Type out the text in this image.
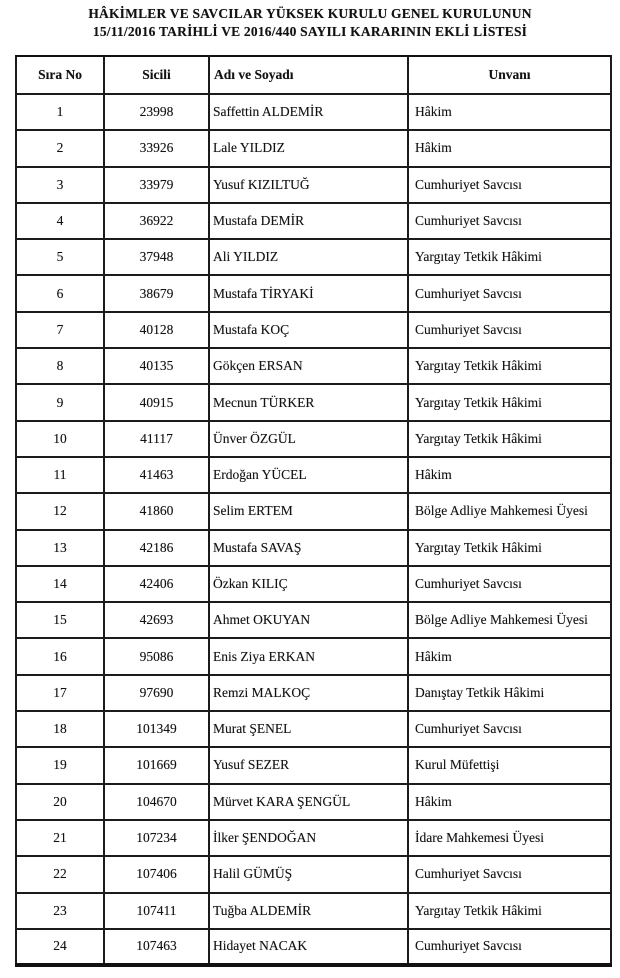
HÂKİMLER VE SAVCILAR YÜKSEK KURULU GENEL KURULUNUN
15/11/2016 TARİHLİ VE 2016/440 SAYILI KARARININ EKLİ LİSTESİ
Sıra No	Sicili	Adı ve Soyadı	Unvanı
1	23998	Saffettin ALDEMİR	Hâkim
2	33926	Lale YILDIZ	Hâkim
3	33979	Yusuf KIZILTUĞ	Cumhuriyet Savcısı
4	36922	Mustafa DEMİR	Cumhuriyet Savcısı
5	37948	Ali YILDIZ	Yargıtay Tetkik Hâkimi
6	38679	Mustafa TİRYAKİ	Cumhuriyet Savcısı
7	40128	Mustafa KOÇ	Cumhuriyet Savcısı
8	40135	Gökçen ERSAN	Yargıtay Tetkik Hâkimi
9	40915	Mecnun TÜRKER	Yargıtay Tetkik Hâkimi
10	41117	Ünver ÖZGÜL	Yargıtay Tetkik Hâkimi
11	41463	Erdoğan YÜCEL	Hâkim
12	41860	Selim ERTEM	Bölge Adliye Mahkemesi Üyesi
13	42186	Mustafa SAVAŞ	Yargıtay Tetkik Hâkimi
14	42406	Özkan KILIÇ	Cumhuriyet Savcısı
15	42693	Ahmet OKUYAN	Bölge Adliye Mahkemesi Üyesi
16	95086	Enis Ziya ERKAN	Hâkim
17	97690	Remzi MALKOÇ	Danıştay Tetkik Hâkimi
18	101349	Murat ŞENEL	Cumhuriyet Savcısı
19	101669	Yusuf SEZER	Kurul Müfettişi
20	104670	Mürvet KARA ŞENGÜL	Hâkim
21	107234	İlker ŞENDOĞAN	İdare Mahkemesi Üyesi
22	107406	Halil GÜMÜŞ	Cumhuriyet Savcısı
23	107411	Tuğba ALDEMİR	Yargıtay Tetkik Hâkimi
24	107463	Hidayet NACAK	Cumhuriyet Savcısı
